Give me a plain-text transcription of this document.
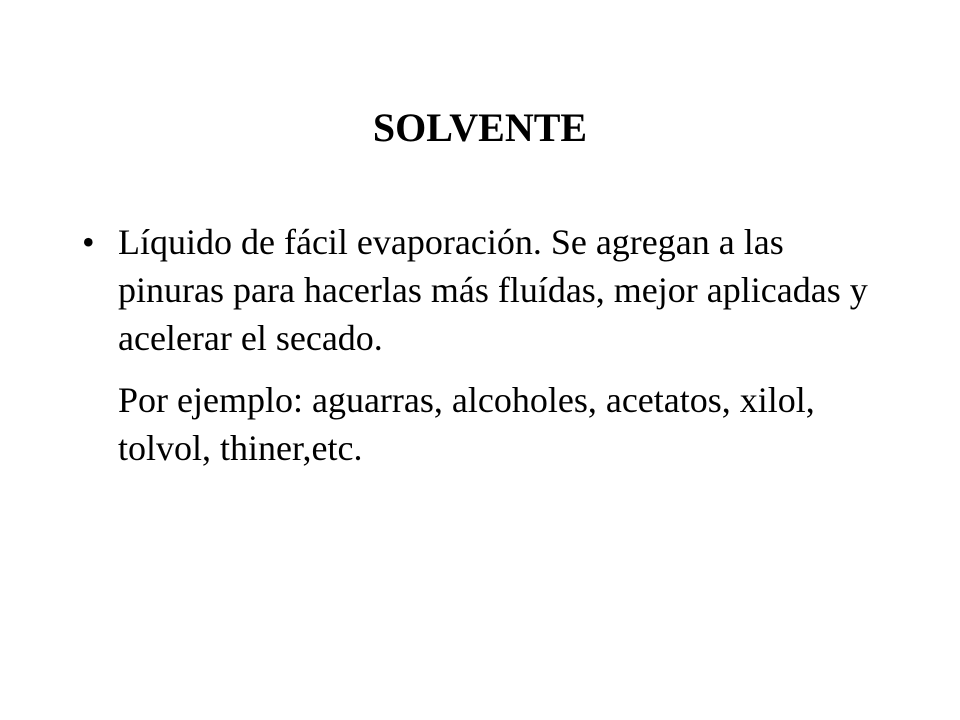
SOLVENTE
• Líquido de fácil evaporación. Se agregan a las pinuras para hacerlas más fluídas, mejor aplicadas y acelerar el secado.
Por ejemplo: aguarras, alcoholes, acetatos, xilol, tolvol, thiner,etc.
